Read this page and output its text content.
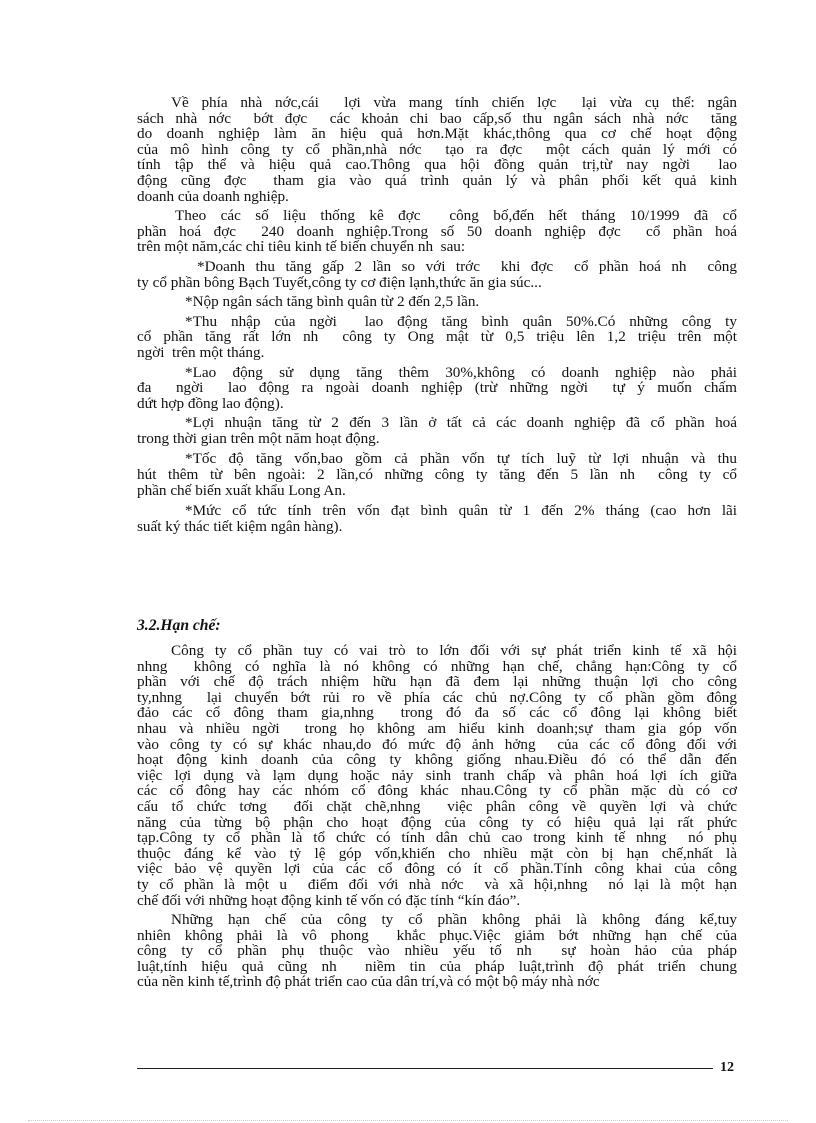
Về phía nhà nớc,cái  lợi vừa mang tính chiến lợc  lại vừa cụ thể: ngân
sách nhà nớc  bớt đợc  các khoản chi bao cấp,số thu ngân sách nhà nớc  tăng
do doanh nghiệp làm ăn hiệu quả hơn.Mặt khác,thông qua cơ chế hoạt động
của mô hình công ty cổ phần,nhà nớc  tạo ra đợc  một cách quản lý mới có
tính tập thể và hiệu quả cao.Thông qua hội đồng quản trị,từ nay ngời  lao
động cũng đợc  tham gia vào quá trình quản lý và phân phối kết quả kinh
doanh của doanh nghiệp.
Theo các số liệu thống kê đợc  công bố,đến hết tháng 10/1999 đã cổ
phần hoá đợc  240 doanh nghiệp.Trong số 50 doanh nghiệp đợc  cổ phần hoá
trên một năm,các chỉ tiêu kinh tế biến chuyển nh  sau:
*Doanh thu tăng gấp 2 lần so với trớc  khi đợc  cổ phần hoá nh  công
ty cổ phần bông Bạch Tuyết,công ty cơ điện lạnh,thức ăn gia súc...
*Nộp ngân sách tăng bình quân từ 2 đến 2,5 lần.
*Thu nhập của ngời  lao động tăng bình quân 50%.Có những công ty
cổ phần tăng rất lớn nh  công ty Ong mật từ 0,5 triệu lên 1,2 triệu trên một
ngời  trên một tháng.
*Lao động sử dụng tăng thêm 30%,không có doanh nghiệp nào phải
đa  ngời  lao động ra ngoài doanh nghiệp (trừ những ngời  tự ý muốn chấm
dứt hợp đồng lao động).
*Lợi nhuận tăng từ 2 đến 3 lần ở tất cả các doanh nghiệp đã cổ phần hoá
trong thời gian trên một năm hoạt động.
*Tốc độ tăng vốn,bao gồm cả phần vốn tự tích luỹ từ lợi nhuận và thu
hút thêm từ bên ngoài: 2 lần,có những công ty tăng đến 5 lần nh  công ty cổ
phần chế biến xuất khẩu Long An.
*Mức cổ tức tính trên vốn đạt bình quân từ 1 đến 2% tháng (cao hơn lãi
suất ký thác tiết kiệm ngân hàng).
3.2.Hạn chế:
Công ty cổ phần tuy có vai trò to lớn đối với sự phát triển kinh tế xã hội
nhng  không có nghĩa là nó không có những hạn chế, chẳng hạn:Công ty cổ
phần với chế độ trách nhiệm hữu hạn đã đem lại những thuận lợi cho công
ty,nhng  lại chuyển bớt rủi ro về phía các chủ nợ.Công ty cổ phần gồm đông
đảo các cổ đông tham gia,nhng  trong đó đa số các cổ đông lại không biết
nhau và nhiều ngời  trong họ không am hiểu kinh doanh;sự tham gia góp vốn
vào công ty có sự khác nhau,do đó mức độ ảnh hởng  của các cổ đông đối với
hoạt động kinh doanh của công ty không giống nhau.Điều đó có thể dẫn đến
việc lợi dụng và lạm dụng hoặc nảy sinh tranh chấp và phân hoá lợi ích giữa
các cổ đông hay các nhóm cổ đông khác nhau.Công ty cổ phần mặc dù có cơ
cấu tổ chức tơng  đối chặt chẽ,nhng  việc phân công về quyền lợi và chức
năng của từng bộ phận cho hoạt động của công ty có hiệu quả lại rất phức
tạp.Công ty cổ phần là tổ chức có tính dân chủ cao trong kinh tế nhng  nó phụ
thuộc đáng kể vào tỷ lệ góp vốn,khiến cho nhiều mặt còn bị hạn chế,nhất là
việc bảo vệ quyền lợi của các cổ đông có ít cổ phần.Tính công khai của công
ty cổ phần là một u  điểm đối với nhà nớc  và xã hội,nhng  nó lại là một hạn
chế đối với những hoạt động kinh tế vốn có đặc tính “kín đáo”.
Những hạn chế của công ty cổ phần không phải là không đáng kể,tuy
nhiên không phải là vô phong  khắc phục.Việc giảm bớt những hạn chế của
công ty cổ phần phụ thuộc vào nhiều yếu tố nh  sự hoàn hảo của pháp
luật,tính hiệu quả cũng nh  niềm tin của pháp luật,trình độ phát triển chung
của nền kinh tế,trình độ phát triển cao của dân trí,và có một bộ máy nhà nớc
12
